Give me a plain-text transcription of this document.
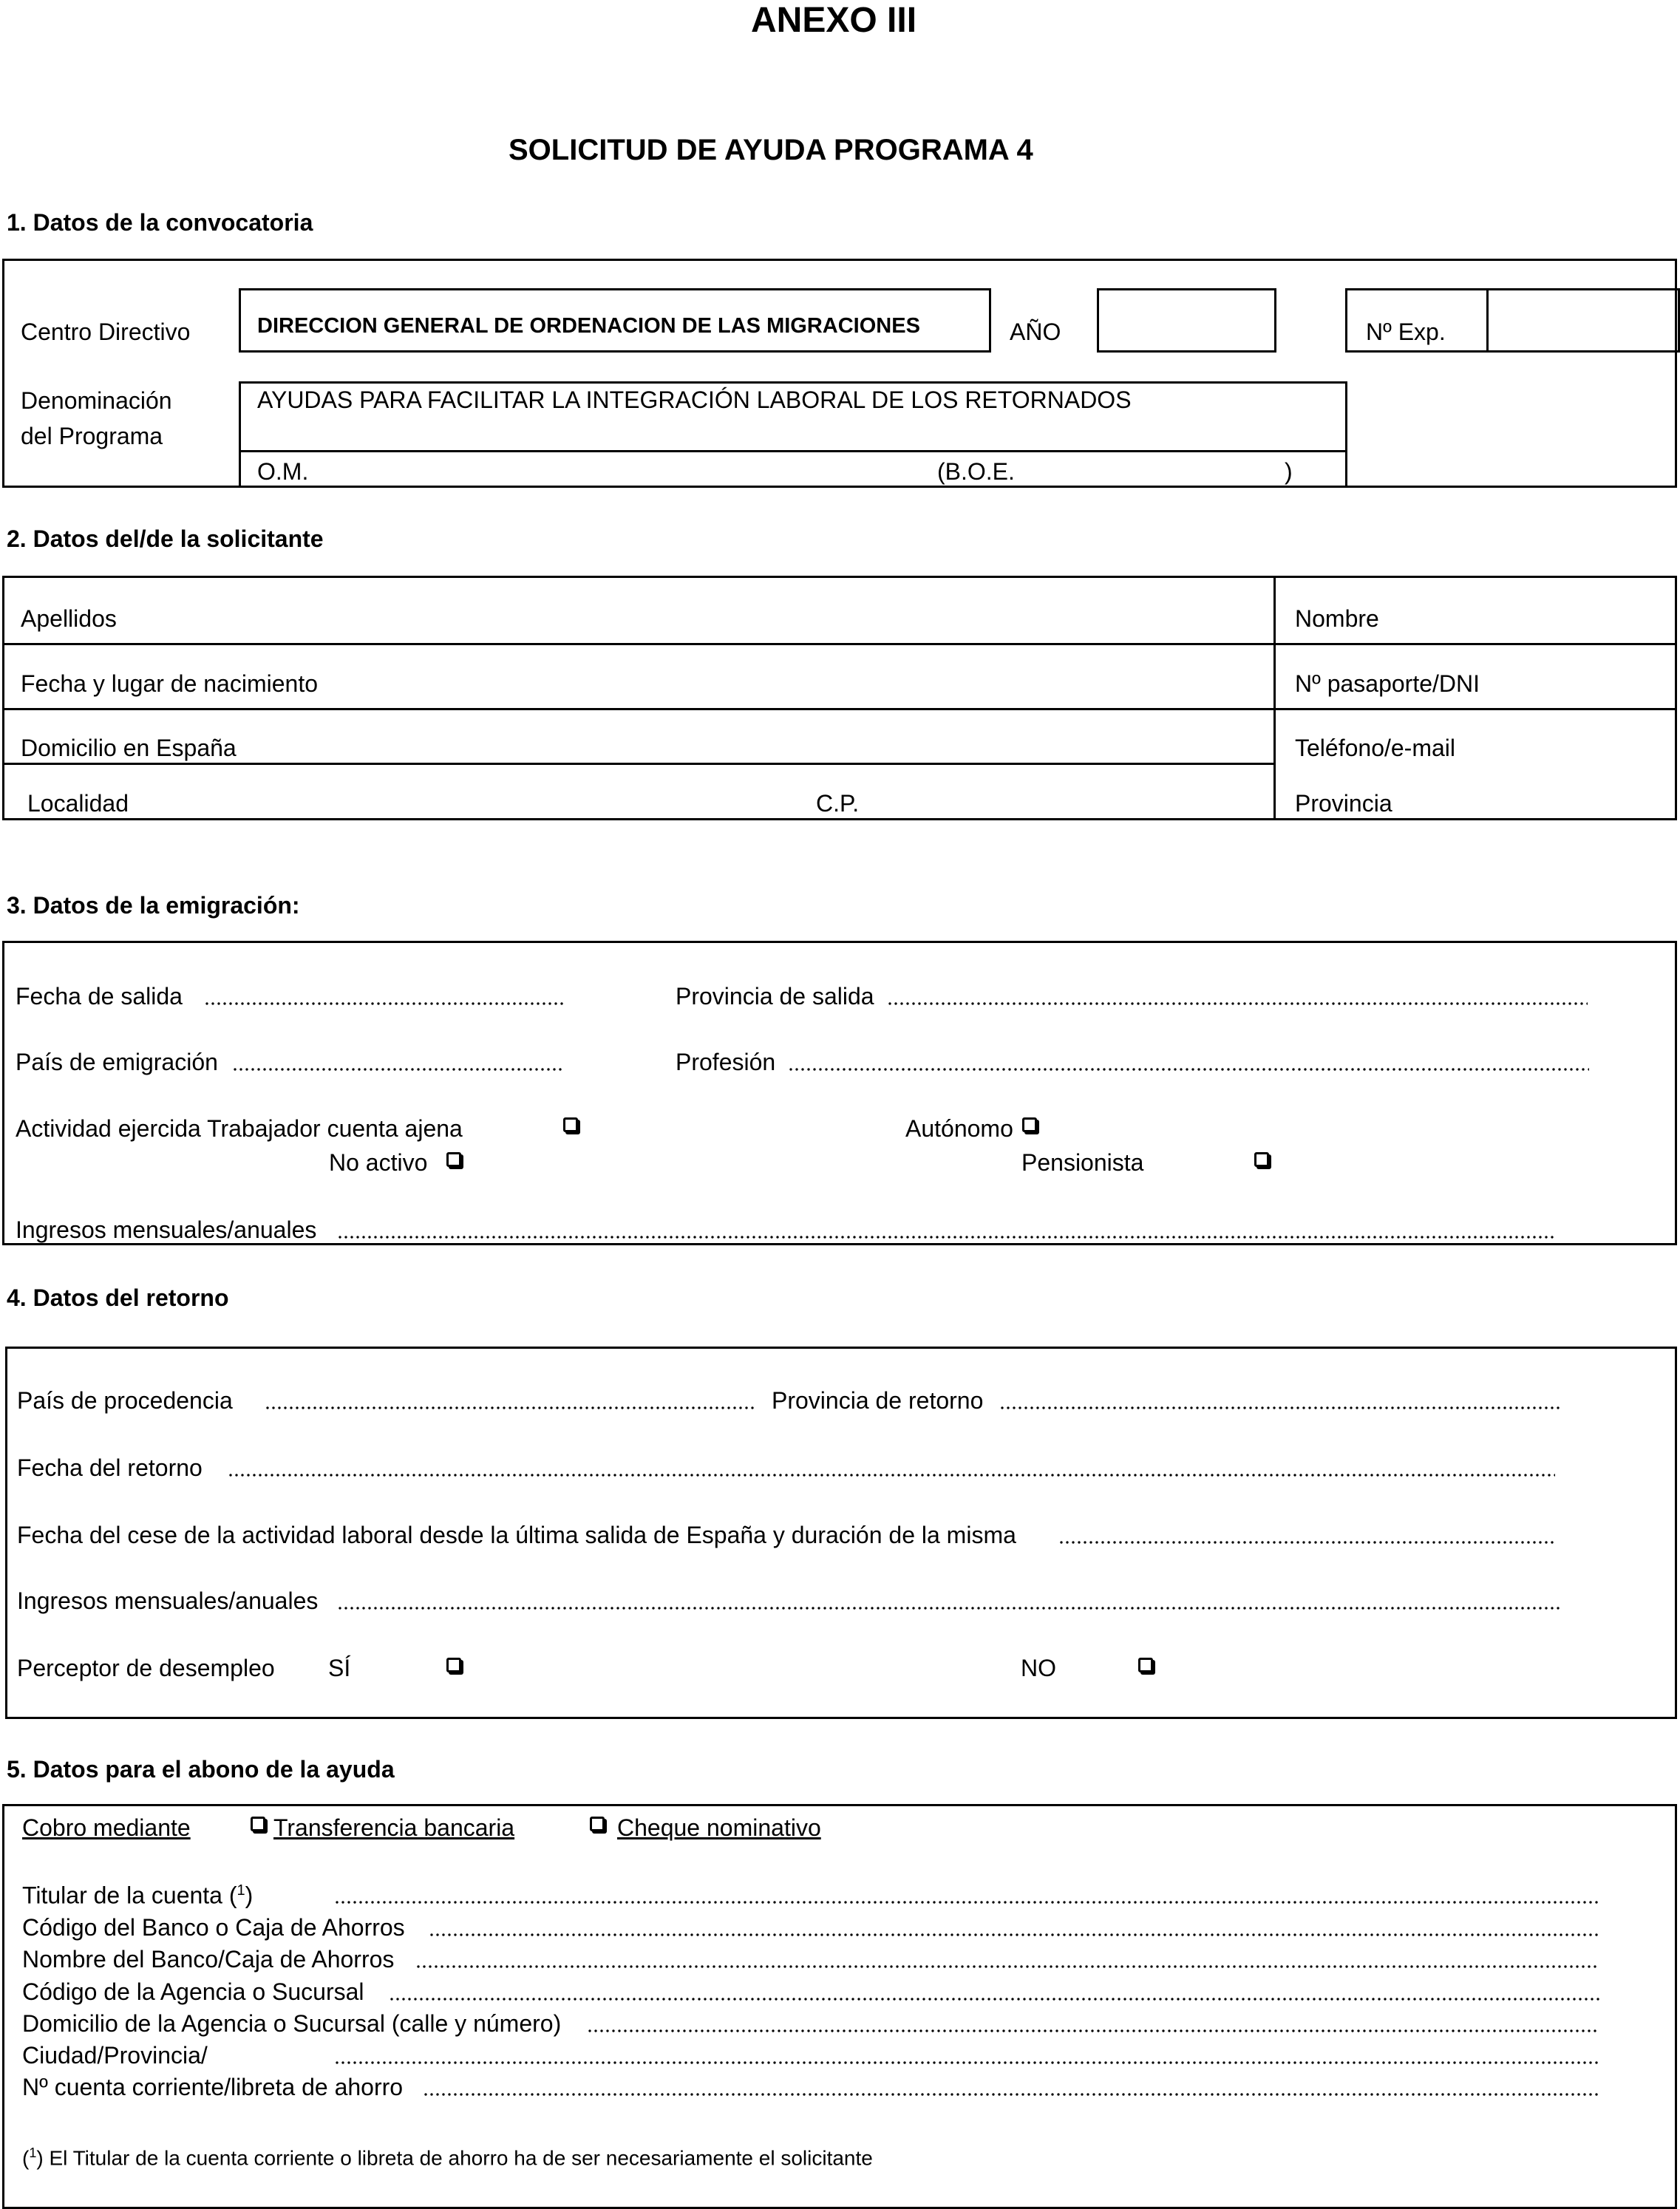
ANEXO III
SOLICITUD DE AYUDA PROGRAMA 4
1. Datos de la convocatoria
Centro Directivo	DIRECCION GENERAL DE ORDENACION DE LAS MIGRACIONES	AÑO	Nº Exp.
Denominación
del Programa
AYUDAS PARA FACILITAR LA INTEGRACIÓN LABORAL DE LOS RETORNADOS
O.M.	(B.O.E.	)
2. Datos del/de la solicitante
Apellidos	Nombre
Fecha y lugar de nacimiento	Nº pasaporte/DNI
Domicilio en España	Teléfono/e-mail
Localidad	C.P.	Provincia
3. Datos de la emigración:
Fecha de salida	Provincia de salida
País de emigración	Profesión
Actividad ejercida Trabajador cuenta ajena	Autónomo
No activo	Pensionista
Ingresos mensuales/anuales
4. Datos del retorno
País de procedencia	Provincia de retorno
Fecha del retorno
Fecha del cese de la actividad laboral desde la última salida de España y duración de la misma
Ingresos mensuales/anuales
Perceptor de desempleo SÍ	NO
5. Datos para el abono de la ayuda
Cobro mediante	Transferencia bancaria	Cheque nominativo
Titular de la cuenta ($^1$)
Código del Banco o Caja de Ahorros
Nombre del Banco/Caja de Ahorros
Código de la Agencia o Sucursal
Domicilio de la Agencia o Sucursal (calle y número)
Ciudad/Provincia/
Nº cuenta corriente/libreta de ahorro
($^1$) El Titular de la cuenta corriente o libreta de ahorro ha de ser necesariamente el solicitante
